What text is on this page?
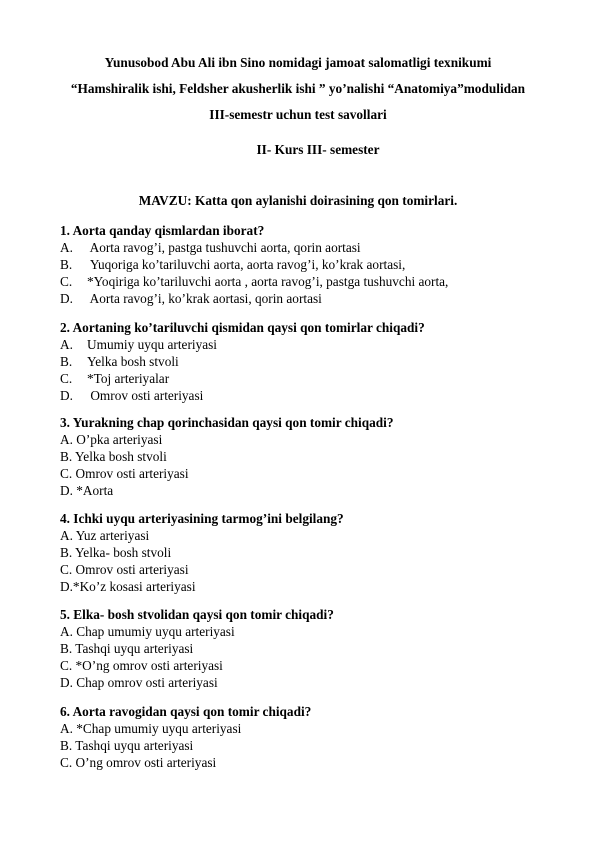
Yunusobod Abu Ali ibn Sino nomidagi jamoat salomatligi texnikumi
“Hamshiralik ishi, Feldsher akusherlik ishi ” yo’nalishi “Anatomiya”modulidan
III-semestr uchun test savollari
II- Kurs III- semester
MAVZU: Katta qon aylanishi doirasining qon tomirlari.
1. Aorta qanday qismlardan iborat?
A. Aorta ravog’i, pastga tushuvchi aorta, qorin aortasi
B. Yuqoriga ko’tariluvchi aorta, aorta ravog’i, ko’krak aortasi,
C. *Yoqiriga ko’tariluvchi aorta , aorta ravog’i, pastga tushuvchi aorta,
D. Aorta ravog’i, ko’krak aortasi, qorin aortasi
2. Aortaning ko’tariluvchi qismidan qaysi qon tomirlar chiqadi?
A. Umumiy uyqu arteriyasi
B. Yelka bosh stvoli
C. *Toj arteriyalar
D. Omrov osti arteriyasi
3. Yurakning chap qorinchasidan qaysi qon tomir chiqadi?
A. O’pka arteriyasi
B. Yelka bosh stvoli
C. Omrov osti arteriyasi
D. *Aorta
4. Ichki uyqu arteriyasining tarmog’ini belgilang?
A. Yuz arteriyasi
B. Yelka- bosh stvoli
C. Omrov osti arteriyasi
D.*Ko’z kosasi arteriyasi
5. Elka- bosh stvolidan qaysi qon tomir chiqadi?
A. Chap umumiy uyqu arteriyasi
B. Tashqi uyqu arteriyasi
C. *O’ng omrov osti arteriyasi
D. Chap omrov osti arteriyasi
6. Aorta ravogidan qaysi qon tomir chiqadi?
A. *Chap umumiy uyqu arteriyasi
B. Tashqi uyqu arteriyasi
C. O’ng omrov osti arteriyasi
